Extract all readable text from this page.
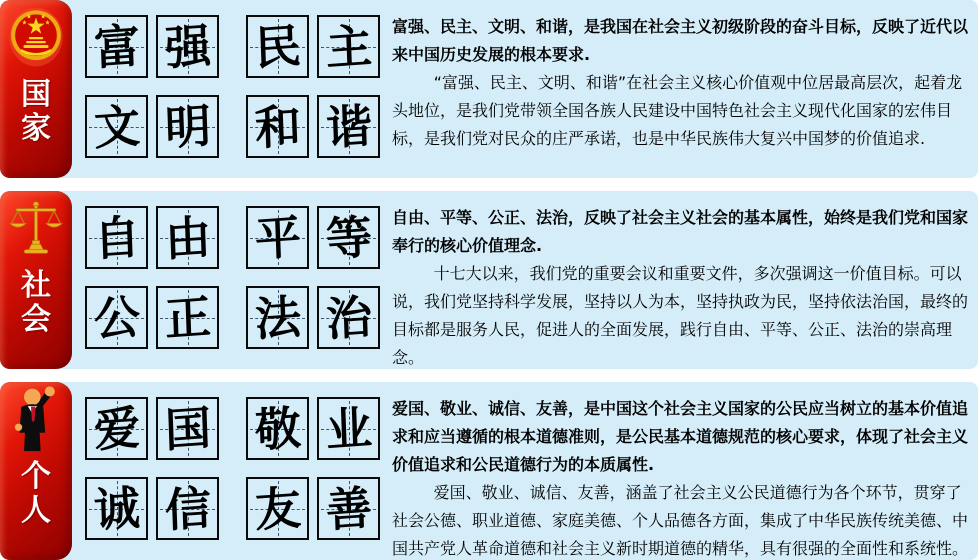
★
★ ★
★
国
家
富 强 民 主
文 明 和 谐

富强、民主、文明、和谐，是我国在社会主义初级阶段的奋斗目标，反映了近代以来中国历史发展的根本要求.

“富强、民主、文明、和谐”在社会主义核心价值观中位居最高层次，起着龙头地位，是我们党带领全国各族人民建设中国特色社会主义现代化国家的宏伟目标，是我们党对民众的庄严承诺，也是中华民族伟大复兴中国梦的价值追求.

社
会
自 由 平 等
公 正 法 治

自由、平等、公正、法治，反映了社会主义社会的基本属性，始终是我们党和国家奉行的核心价值理念.

十七大以来，我们党的重要会议和重要文件，多次强调这一价值目标。可以说，我们党坚持科学发展，坚持以人为本，坚持执政为民，坚持依法治国，最终的目标都是服务人民，促进人的全面发展，践行自由、平等、公正、法治的崇高理念。

个
人
爱 国 敬 业
诚 信 友 善

爱国、敬业、诚信、友善，是中国这个社会主义国家的公民应当树立的基本价值追求和应当遵循的根本道德准则，是公民基本道德规范的核心要求，体现了社会主义价值追求和公民道德行为的本质属性.

爱国、敬业、诚信、友善，涵盖了社会主义公民道德行为各个环节，贯穿了社会公德、职业道德、家庭美德、个人品德各方面，集成了中华民族传统美德、中国共产党人革命道德和社会主义新时期道德的精华，具有很强的全面性和系统性。
